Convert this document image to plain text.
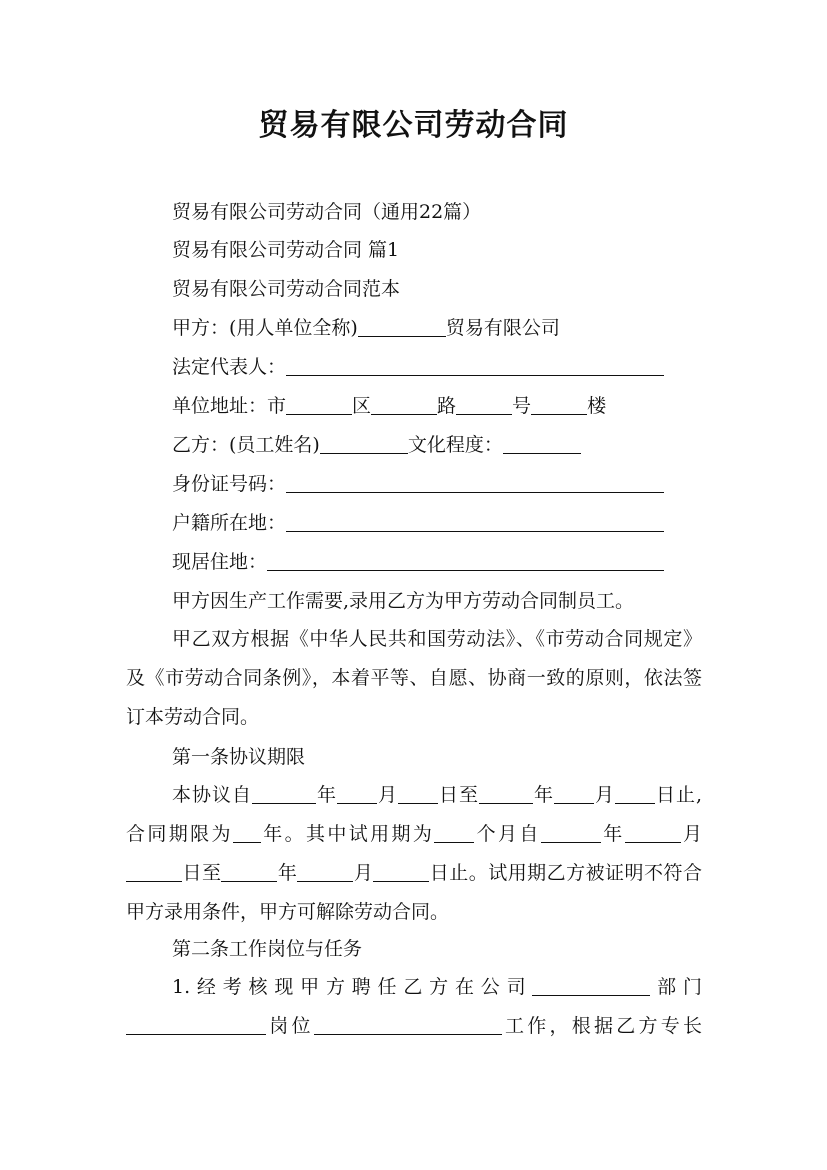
贸易有限公司劳动合同
贸易有限公司劳动合同（通用22篇）
贸易有限公司劳动合同 篇1
贸易有限公司劳动合同范本
甲方：(用人单位全称)	贸易有限公司
法定代表人：
单位地址：市	区	路	号	楼
乙方：(员工姓名)	文化程度：
身份证号码：
户籍所在地：
现居住地：
甲方因生产工作需要,录用乙方为甲方劳动合同制员工。
甲乙双方根据《中华人民共和国劳动法》、《市劳动合同规定》及《市劳动合同条例》，本着平等、自愿、协商一致的原则，依法签订本劳动合同。
第一条协议期限
本协议自	年 月 日至	年 月 日止,合同期限为 年。其中试用期为 个月自	年	月日至	年	月	日止。试用期乙方被证明不符合甲方录用条件，甲方可解除劳动合同。
第二条工作岗位与任务
1.经考核现甲方聘任乙方在公司	部门岗位	工作，根据乙方专长
